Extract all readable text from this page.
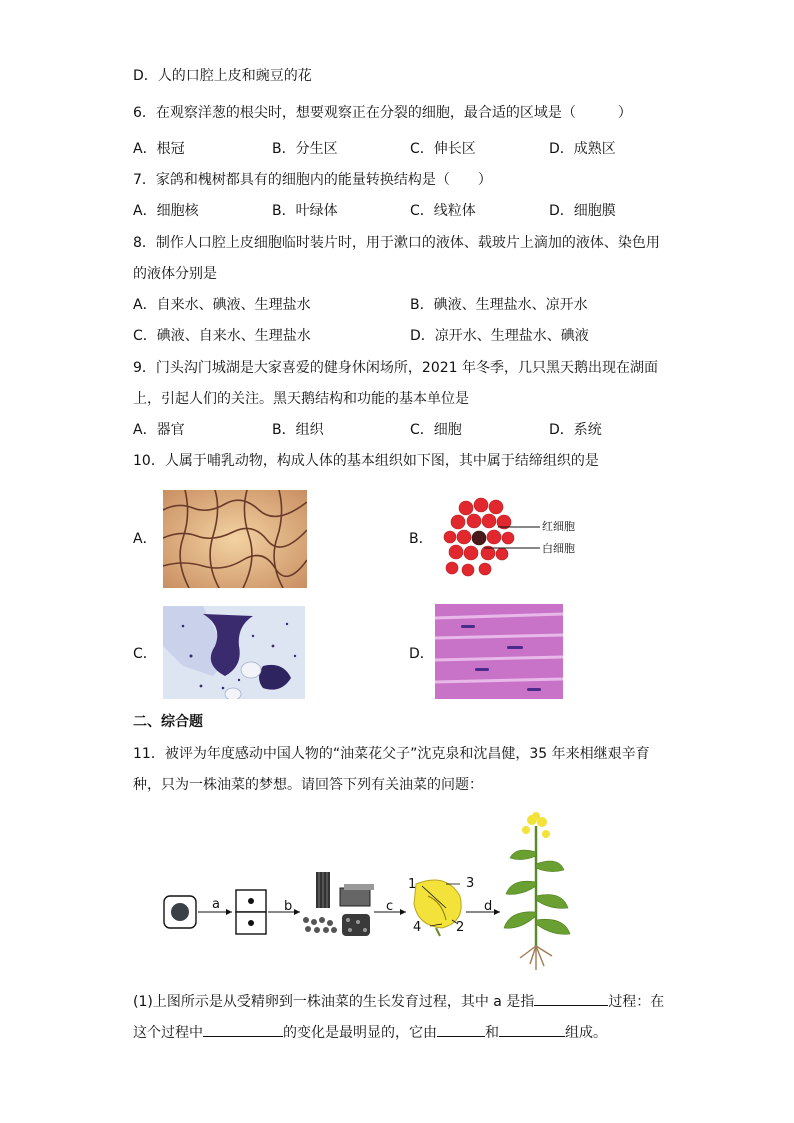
D．人的口腔上皮和豌豆的花
6．在观察洋葱的根尖时，想要观察正在分裂的细胞，最合适的区域是（　　　）
A．根冠	B．分生区	C．伸长区	D．成熟区
7．家鸽和槐树都具有的细胞内的能量转换结构是（　　）
A．细胞核	B．叶绿体	C．线粒体	D．细胞膜
8．制作人口腔上皮细胞临时装片时，用于漱口的液体、载玻片上滴加的液体、染色用
的液体分别是
A．自来水、碘液、生理盐水	B．碘液、生理盐水、凉开水
C．碘液、自来水、生理盐水	D．凉开水、生理盐水、碘液
9．门头沟门城湖是大家喜爱的健身休闲场所，2021 年冬季，几只黑天鹅出现在湖面
上，引起人们的关注。黑天鹅结构和功能的基本单位是
A．器官	B．组织	C．细胞	D．系统
10．人属于哺乳动物，构成人体的基本组织如下图，其中属于结缔组织的是
A．	B．
红细胞
白细胞
C．	D．
二、综合题
11．被评为年度感动中国人物的“油菜花父子”沈克泉和沈昌健，35 年来相继艰辛育
种，只为一株油菜的梦想。请回答下列有关油菜的问题：
a	b	c	d
1
2
3
4
(1)上图所示是从受精卵到一株油菜的生长发育过程，其中 a 是指	过程：在
这个过程中	的变化是最明显的，它由	和	组成。
